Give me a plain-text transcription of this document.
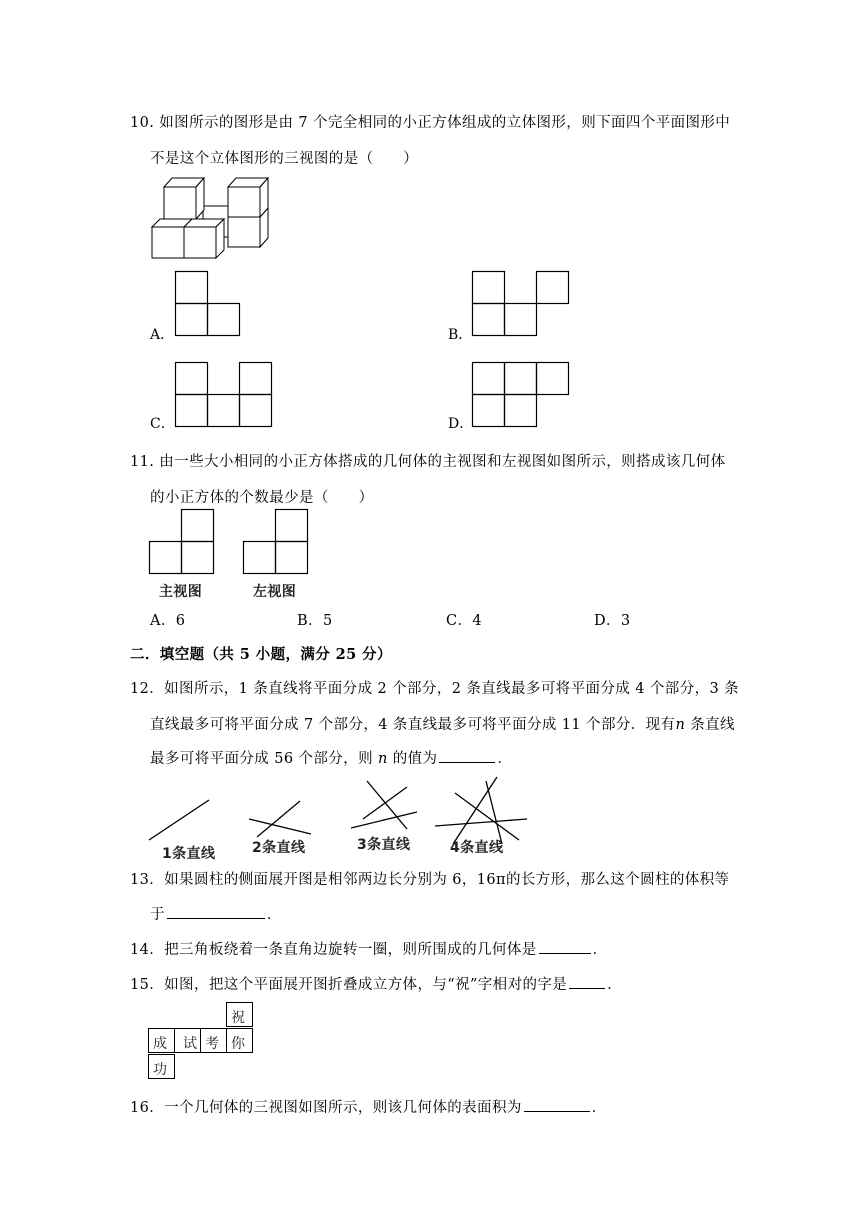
10. 如图所示的图形是由 7 个完全相同的小正方体组成的立体图形，则下面四个平面图形中
不是这个立体图形的三视图的是（　　）
A．	B．
C．	D．
11. 由一些大小相同的小正方体搭成的几何体的主视图和左视图如图所示，则搭成该几何体
的小正方体的个数最少是（　　）
主视图	左视图
A．6	B．5	C．4	D．3
二．填空题（共 5 小题，满分 25 分）
12．如图所示，1 条直线将平面分成 2 个部分，2 条直线最多可将平面分成 4 个部分，3 条
直线最多可将平面分成 7 个部分，4 条直线最多可将平面分成 11 个部分．现有n 条直线
最多可将平面分成 56 个部分，则 n 的值为	．
1条直线	2条直线	3条直线	4条直线
13．如果圆柱的侧面展开图是相邻两边长分别为 6，16π的长方形，那么这个圆柱的体积等
于	．
14．把三角板绕着一条直角边旋转一圈，则所围成的几何体是	．
15．如图，把这个平面展开图折叠成立方体，与“祝”字相对的字是	．
祝
成 试 考 你
功
16．一个几何体的三视图如图所示，则该几何体的表面积为	．
